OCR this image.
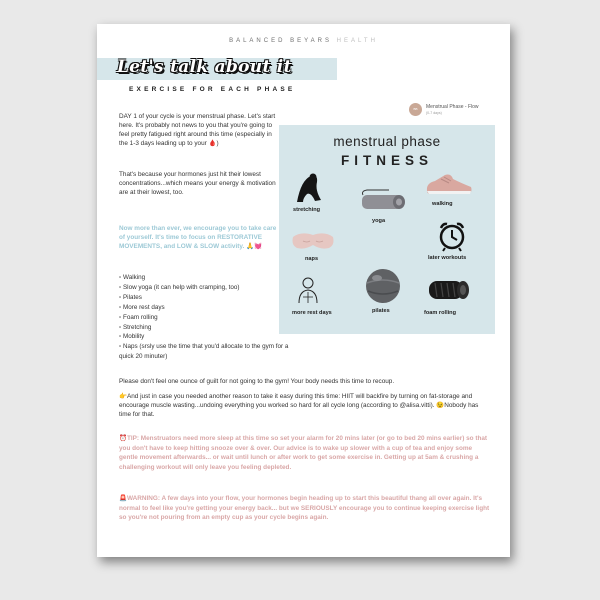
BALANCED BEYARS HEALTH
Let's talk about it
EXERCISE FOR EACH PHASE
BB	Menstrual Phase - Flow
(0-7 days)
DAY 1 of your cycle is your menstrual phase. Let's start here. It's probably not news to you that you're going to feel pretty fatigued right around this time (especially in the 1-3 days leading up to your 🩸)
That's because your hormones just hit their lowest concentrations...which means your energy & motivation are at their lowest, too.
Now more than ever, we encourage you to take care of yourself. It's time to focus on RESTORATIVE MOVEMENTS, and LOW & SLOW activity. 🙏💓
▫ Walking
▫ Slow yoga (it can help with cramping, too)
▫ Pilates
▫ More rest days
▫ Foam rolling
▫ Stretching
▫ Mobility
▫ Naps (srsly use the time that you'd allocate to the gym for a quick 20 minuter)
menstrual phase
FITNESS
stretching
yoga
walking
naps	later workouts
more rest days	pilates	foam rolling
Please don't feel one ounce of guilt for not going to the gym! Your body needs this time to recoup.
👉And just in case you needed another reason to take it easy during this time: HIIT will backfire by turning on fat-storage and encourage muscle wasting...undoing everything you worked so hard for all cycle long (according to @alisa.vitti). 😉Nobody has time for that.
⏰TIP: Menstruators need more sleep at this time so set your alarm for 20 mins later (or go to bed 20 mins earlier) so that you don't have to keep hitting snooze over & over. Our advice is to wake up slower with a cup of tea and enjoy some gentle movement afterwards... or wait until lunch or after work to get some exercise in. Getting up at 5am & crushing a challenging workout will only leave you feeling depleted.
🚨WARNING: A few days into your flow, your hormones begin heading up to start this beautiful thang all over again. It's normal to feel like you're getting your energy back... but we SERIOUSLY encourage you to continue keeping exercise light so you're not pouring from an empty cup as your cycle begins again.
